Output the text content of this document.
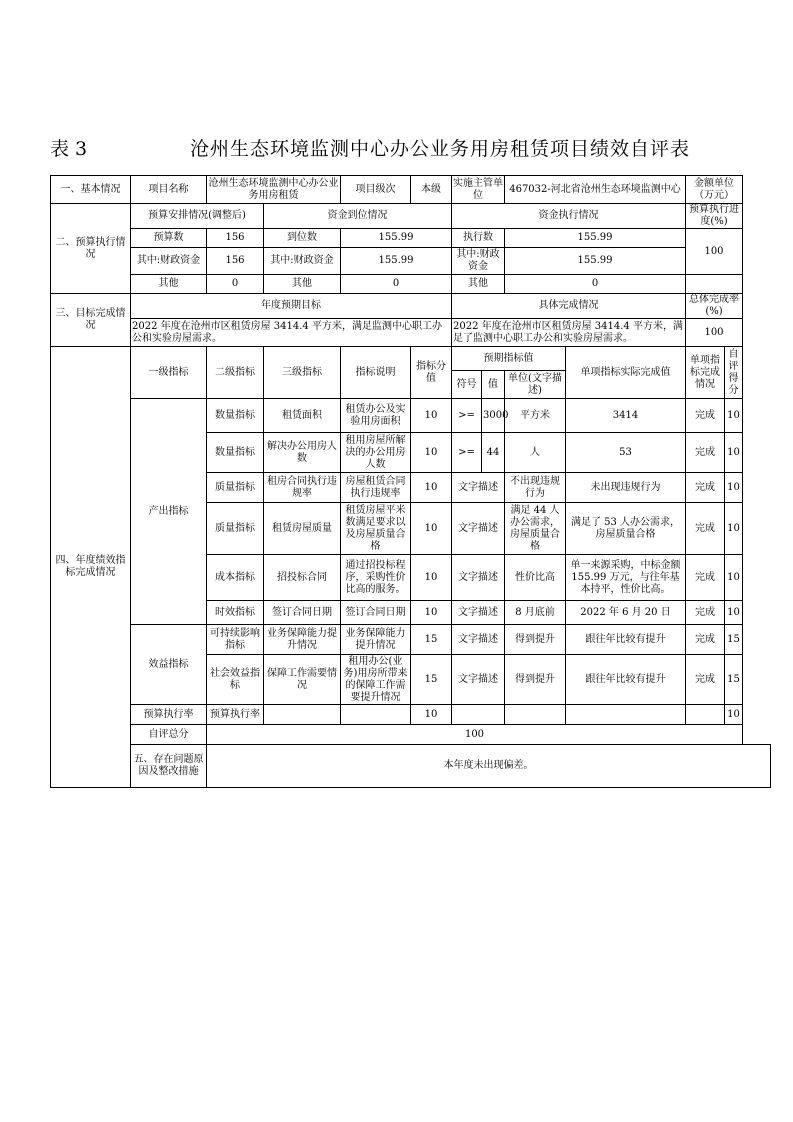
表 3	沧州生态环境监测中心办公业务用房租赁项目绩效自评表
一、基本情况	项目名称	沧州生态环境监测中心办公业务用房租赁		项目级次	本级	实施主管单位		467032-河北省沧州生态环境监测中心		金额单位（万元）	
二、预算执行情况	预算安排情况(调整后)		资金到位情况			资金执行情况				预算执行进度(%)	
	预算数	156	到位数	155.99		执行数		155.99		100	
	其中:财政资金	156	其中:财政资金	155.99		其中:财政资金		155.99			
	其他	0	其他	0		其他		0			
三、目标完成情况	年度预期目标					具体完成情况				总体完成率(%)	
	2022 年度在沧州市区租赁房屋 3414.4 平方米，满足监测中心职工办公和实验房屋需求。					2022 年度在沧州市区租赁房屋 3414.4 平方米，满足了监测中心职工办公和实验房屋需求。				100	
四、年度绩效指标完成情况	一级指标	二级指标	三级指标	指标说明	指标分值	预期指标值			单项指标实际完成值	单项指标完成情况	自评得分
						符号	值	单位(文字描述)			
	产出指标	数量指标	租赁面积	租赁办公及实验用房面积	10	>=	3000	平方米	3414	完成	10
		数量指标	解决办公用房人数	租用房屋所解决的办公用房人数	10	>=	44	人	53	完成	10
		质量指标	租房合同执行违规率	房屋租赁合同执行违规率	10	文字描述		不出现违规行为	未出现违规行为	完成	10
		质量指标	租赁房屋质量	租赁房屋平米数满足要求以及房屋质量合格	10	文字描述		满足 44 人办公需求，房屋质量合格	满足了 53 人办公需求，房屋质量合格	完成	10
		成本指标	招投标合同	通过招投标程序，采购性价比高的服务。	10	文字描述		性价比高	单一来源采购，中标金额 155.99 万元，与往年基本持平，性价比高。	完成	10
		时效指标	签订合同日期	签订合同日期	10	文字描述		8 月底前	2022 年 6 月 20 日	完成	10
	效益指标	可持续影响指标	业务保障能力提升情况	业务保障能力提升情况	15	文字描述		得到提升	跟往年比较有提升	完成	15
		社会效益指标	保障工作需要情况	租用办公(业务)用房所带来的保障工作需要提升情况	15	文字描述		得到提升	跟往年比较有提升	完成	15
	预算执行率	预算执行率			10						10
	自评总分	100									
	五、存在问题原因及整改措施	本年度未出现偏差。									
